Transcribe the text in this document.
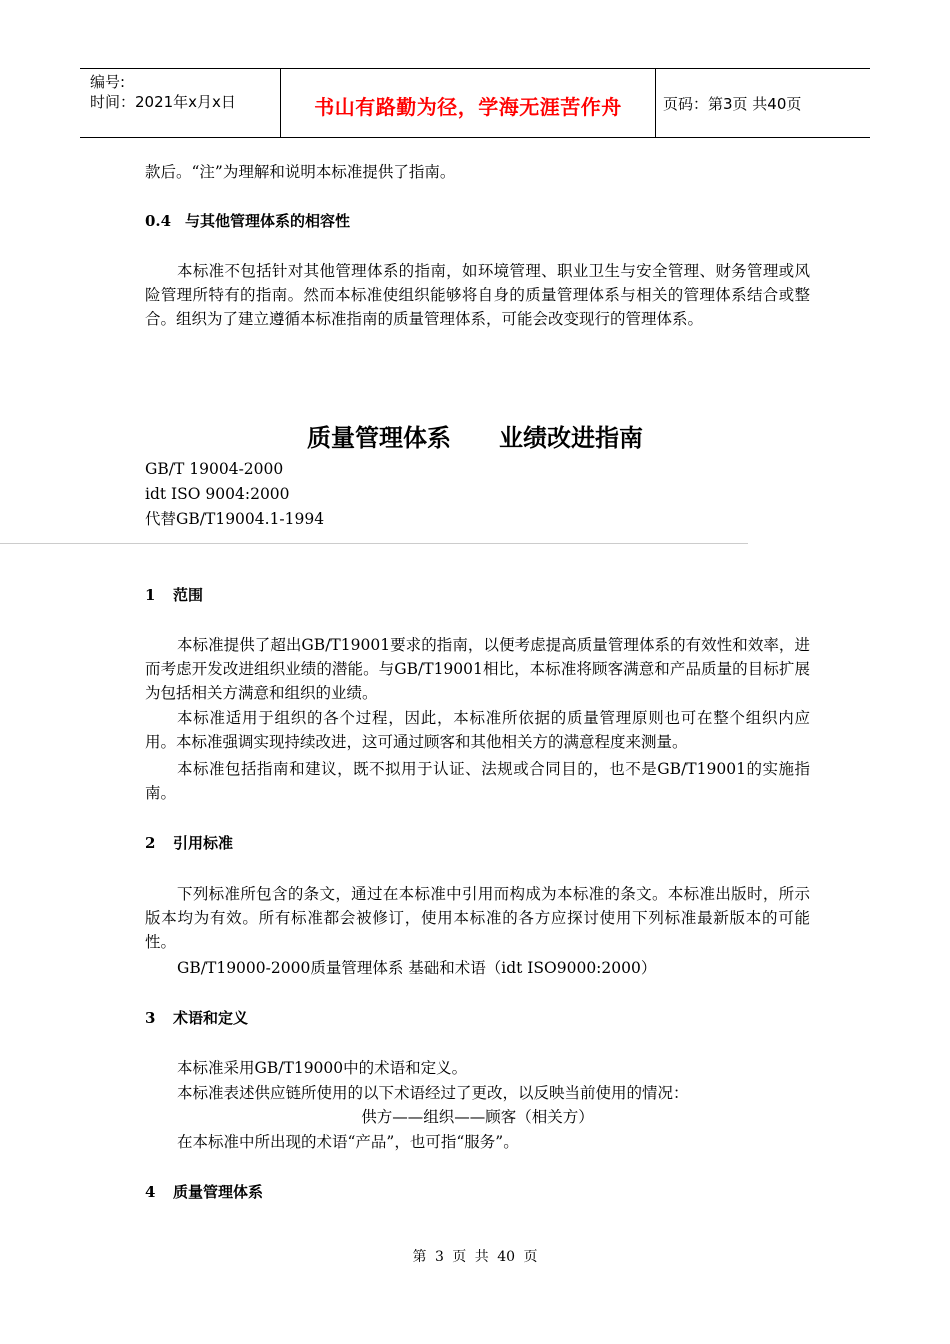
编号:
时间：2021年x月x日	书山有路勤为径，学海无涯苦作舟	页码：第3页 共40页
款后。“注”为理解和说明本标准提供了指南。
0.4 与其他管理体系的相容性
本标准不包括针对其他管理体系的指南，如环境管理、职业卫生与安全管理、财务管理或风险管理所特有的指南。然而本标准使组织能够将自身的质量管理体系与相关的管理体系结合或整合。组织为了建立遵循本标准指南的质量管理体系，可能会改变现行的管理体系。
质量管理体系 业绩改进指南
GB/T 19004-2000
idt ISO 9004:2000
代替GB/T19004.1-1994
1 范围
本标准提供了超出GB/T19001要求的指南，以便考虑提高质量管理体系的有效性和效率，进而考虑开发改进组织业绩的潜能。与GB/T19001相比，本标准将顾客满意和产品质量的目标扩展为包括相关方满意和组织的业绩。
本标准适用于组织的各个过程，因此，本标准所依据的质量管理原则也可在整个组织内应用。本标准强调实现持续改进，这可通过顾客和其他相关方的满意程度来测量。
本标准包括指南和建议，既不拟用于认证、法规或合同目的，也不是GB/T19001的实施指南。
2 引用标准
下列标准所包含的条文，通过在本标准中引用而构成为本标准的条文。本标准出版时，所示版本均为有效。所有标准都会被修订，使用本标准的各方应探讨使用下列标准最新版本的可能性。
GB/T19000-2000质量管理体系 基础和术语（idt ISO9000:2000）
3 术语和定义
本标准采用GB/T19000中的术语和定义。
本标准表述供应链所使用的以下术语经过了更改，以反映当前使用的情况：
供方——组织——顾客（相关方）
在本标准中所出现的术语“产品”，也可指“服务”。
4 质量管理体系
第 3 页 共 40 页
